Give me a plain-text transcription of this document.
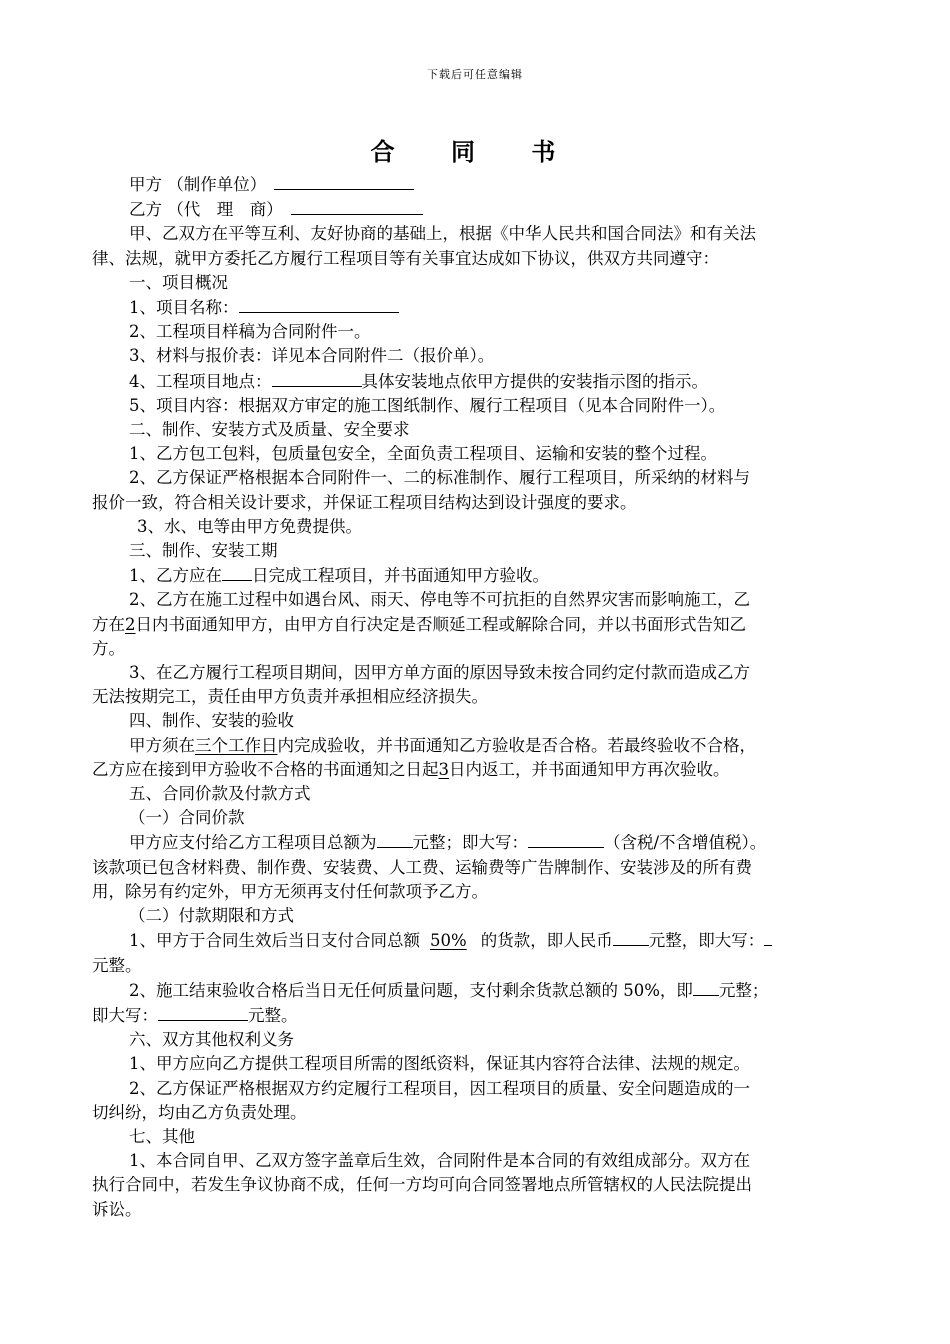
下载后可任意编辑
合 同 书
甲方 （制作单位）
乙方 （代　理　商）
甲、乙双方在平等互利、友好协商的基础上，根据《中华人民共和国合同法》和有关法
律、法规，就甲方委托乙方履行工程项目等有关事宜达成如下协议，供双方共同遵守：
一、项目概况
1、项目名称：
2、工程项目样稿为合同附件一。
3、材料与报价表：详见本合同附件二（报价单）。
4、工程项目地点：	具体安装地点依甲方提供的安装指示图的指示。
5、项目内容：根据双方审定的施工图纸制作、履行工程项目（见本合同附件一）。
二、制作、安装方式及质量、安全要求
1、乙方包工包料，包质量包安全，全面负责工程项目、运输和安装的整个过程。
2、乙方保证严格根据本合同附件一、二的标准制作、履行工程项目，所采纳的材料与
报价一致，符合相关设计要求，并保证工程项目结构达到设计强度的要求。
3、水、电等由甲方免费提供。
三、制作、安装工期
1、乙方应在 日完成工程项目，并书面通知甲方验收。
2、乙方在施工过程中如遇台风、雨天、停电等不可抗拒的自然界灾害而影响施工，乙
方在2日内书面通知甲方，由甲方自行决定是否顺延工程或解除合同，并以书面形式告知乙
方。
3、在乙方履行工程项目期间，因甲方单方面的原因导致未按合同约定付款而造成乙方
无法按期完工，责任由甲方负责并承担相应经济损失。
四、制作、安装的验收
甲方须在三个工作日内完成验收，并书面通知乙方验收是否合格。若最终验收不合格，
乙方应在接到甲方验收不合格的书面通知之日起3日内返工，并书面通知甲方再次验收。
五、合同价款及付款方式
（一）合同价款
甲方应支付给乙方工程项目总额为 元整；即大写：	（含税/不含增值税）。
该款项已包含材料费、制作费、安装费、人工费、运输费等广告牌制作、安装涉及的所有费
用，除另有约定外，甲方无须再支付任何款项予乙方。
（二）付款期限和方式
1、甲方于合同生效后当日支付合同总额 50% 的货款，即人民币 元整，即大写：
元整。
2、施工结束验收合格后当日无任何质量问题，支付剩余货款总额的 50%，即 元整；
即大写：	元整。
六、双方其他权利义务
1、甲方应向乙方提供工程项目所需的图纸资料，保证其内容符合法律、法规的规定。
2、乙方保证严格根据双方约定履行工程项目，因工程项目的质量、安全问题造成的一
切纠纷，均由乙方负责处理。
七、其他
1、本合同自甲、乙双方签字盖章后生效，合同附件是本合同的有效组成部分。双方在
执行合同中，若发生争议协商不成，任何一方均可向合同签署地点所管辖权的人民法院提出
诉讼。
